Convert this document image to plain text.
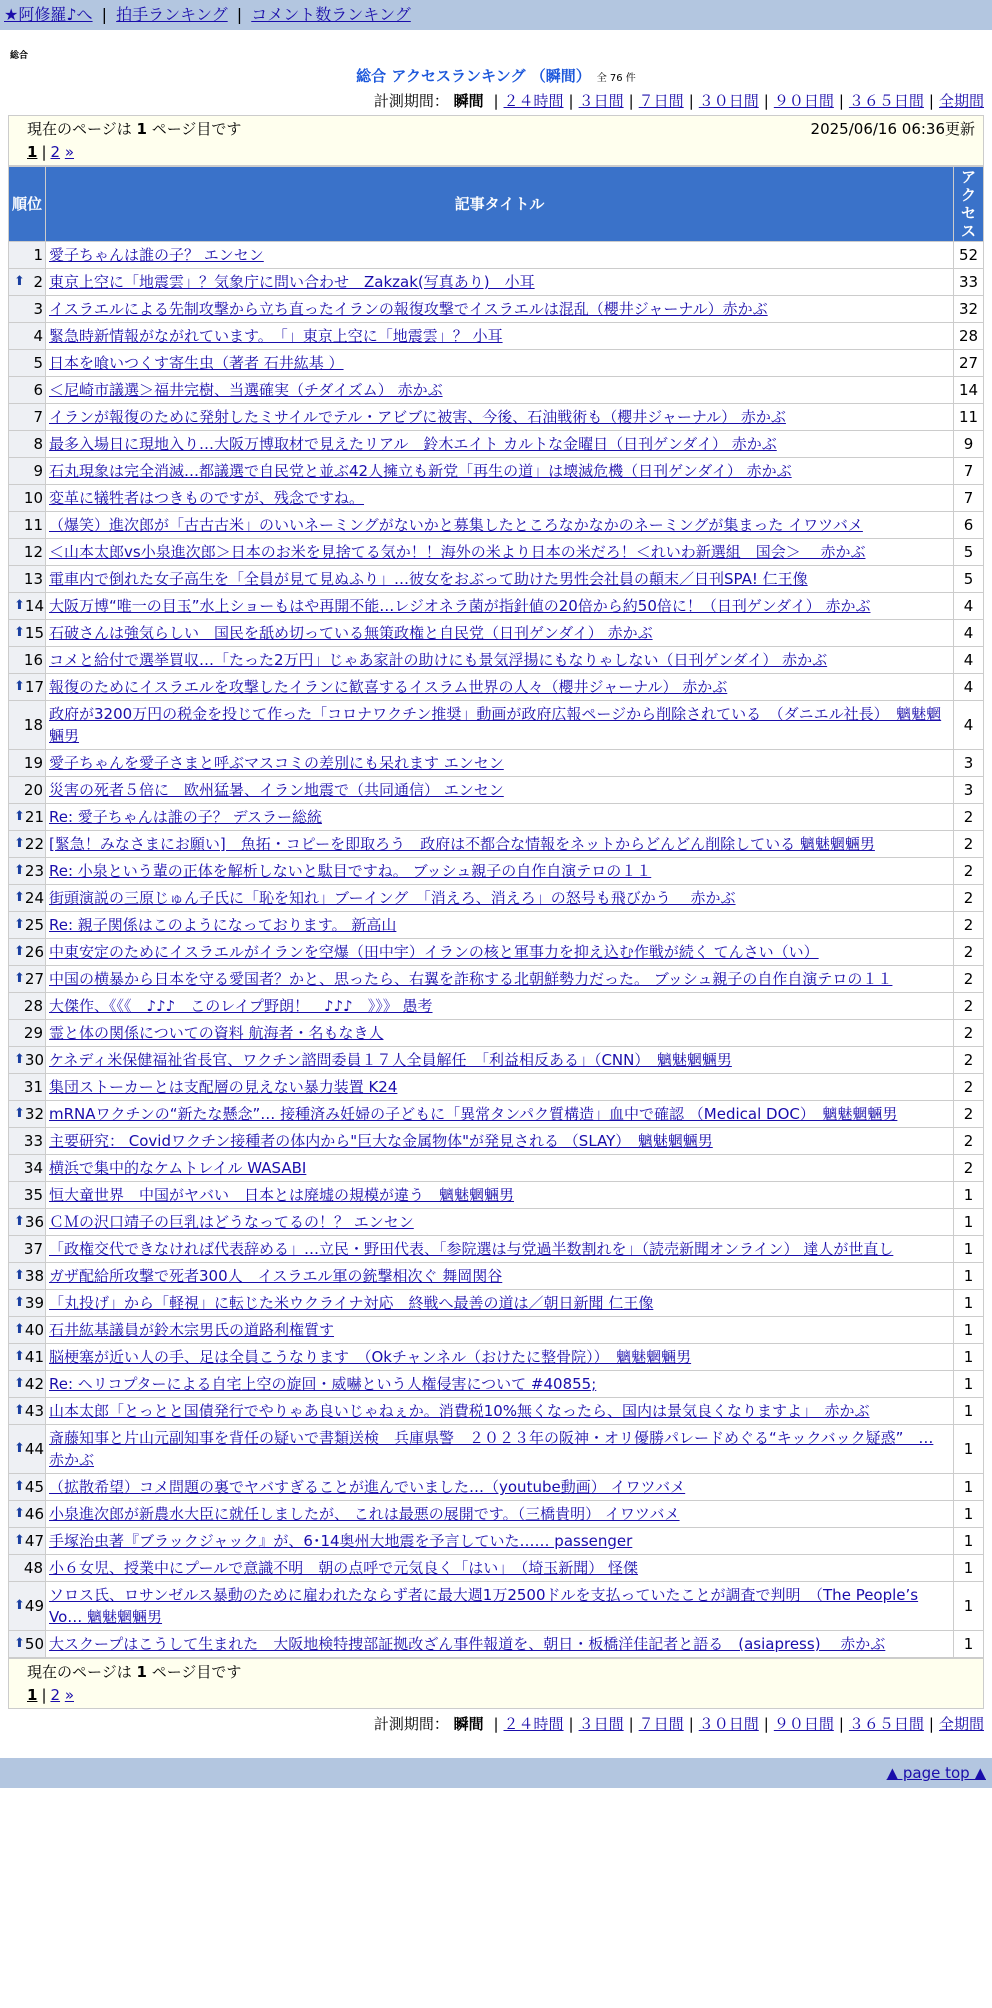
★阿修羅♪へ | 拍手ランキング | コメント数ランキング
総合
総合 アクセスランキング （瞬間） 全 76 件
計測期間： 瞬間 | ２４時間 | ３日間 | ７日間 | ３０日間 | ９０日間 | ３６５日間 | 全期間
現在のページは 1 ページ目です	2025/06/16 06:36更新
1 | 2 »
順位	記事タイトル	アクセス
1	愛子ちゃんは誰の子？ エンセン	52

⬆ 2	東京上空に「地震雲」？気象庁に問い合わせ　Zakzak(写真あり)　小耳	33
3	イスラエルによる先制攻撃から立ち直ったイランの報復攻撃でイスラエルは混乱（櫻井ジャーナル）赤かぶ	32
4	緊急時新情報がながれています。　「」東京上空に「地震雲」？ 小耳	28
5	日本を喰いつくす寄生虫（著者 石井紘基 ）	27
6	＜尼崎市議選＞福井完樹、当選確実（チダイズム） 赤かぶ	14
7	イランが報復のために発射したミサイルでテル・アビブに被害、今後、石油戦術も（櫻井ジャーナル） 赤かぶ	11
8	最多入場日に現地入り…大阪万博取材で見えたリアル　鈴木エイト カルトな金曜日（日刊ゲンダイ） 赤かぶ	9
9	石丸現象は完全消滅…都議選で自民党と並ぶ42人擁立も新党「再生の道」は壊滅危機（日刊ゲンダイ） 赤かぶ	7
10	変革に犠牲者はつきものですが、残念ですね。	7
11	（爆笑）進次郎が「古古古米」のいいネーミングがないかと募集したところなかなかのネーミングが集まった イワツバメ	6
12	＜山本太郎vs小泉進次郎＞日本のお米を見捨てる気か！！海外の米より日本の米だろ！＜れいわ新選組　国会＞　 赤かぶ	5
13	電車内で倒れた女子高生を「全員が見て見ぬふり」…彼女をおぶって助けた男性会社員の顛末／日刊SPA! 仁王像	5

⬆ 14	大阪万博“唯一の目玉”水上ショーもはや再開不能…レジオネラ菌が指針値の20倍から約50倍に！（日刊ゲンダイ） 赤かぶ	4

⬆ 15	石破さんは強気らしい　国民を舐め切っている無策政権と自民党（日刊ゲンダイ） 赤かぶ	4
16	コメと給付で選挙買収…「たった2万円」じゃあ家計の助けにも景気浮揚にもなりゃしない（日刊ゲンダイ） 赤かぶ	4

⬆ 17	報復のためにイスラエルを攻撃したイランに歓喜するイスラム世界の人々（櫻井ジャーナル） 赤かぶ	4
18	政府が3200万円の税金を投じて作った「コロナワクチン推奨」動画が政府広報ページから削除されている　（ダニエル社長）　魑魅魍魎男	4
19	愛子ちゃんを愛子さまと呼ぶマスコミの差別にも呆れます エンセン	3
20	災害の死者５倍に　欧州猛暑、イラン地震で（共同通信） エンセン	3

⬆ 21	Re: 愛子ちゃんは誰の子？ デスラー総統	2

⬆ 22	[緊急！みなさまにお願い]　魚拓・コピーを即取ろう　政府は不都合な情報をネットからどんどん削除している 魑魅魍魎男	2

⬆ 23	Re: 小泉という輩の正体を解析しないと駄目ですね。 ブッシュ親子の自作自演テロの１１	2

⬆ 24	街頭演説の三原じゅん子氏に「恥を知れ」ブーイング　「消えろ、消えろ」の怒号も飛びかう　 赤かぶ	2

⬆ 25	Re: 親子関係はこのようになっております。 新高山	2

⬆ 26	中東安定のためにイスラエルがイランを空爆（田中宇）イランの核と軍事力を抑え込む作戦が続く てんさい（い）	2

⬆ 27	中国の横暴から日本を守る愛国者？かと、思ったら、右翼を詐称する北朝鮮勢力だった。 ブッシュ親子の自作自演テロの１１	2
28	大傑作、《《《　♪♪♪　このレイプ野朗！　♪♪♪　》》》 愚考	2
29	霊と体の関係についての資料 航海者・名もなき人	2

⬆ 30	ケネディ米保健福祉省長官、ワクチン諮問委員１７人全員解任　「利益相反ある」（CNN）　魑魅魍魎男	2
31	集団ストーカーとは支配層の見えない暴力装置 K24	2

⬆ 32	mRNAワクチンの“新たな懸念”… 接種済み妊婦の子どもに「異常タンパク質構造」血中で確認 （Medical DOC）　魑魅魍魎男	2
33	主要研究： Covidワクチン接種者の体内から"巨大な金属物体"が発見される （SLAY）　魑魅魍魎男	2
34	横浜で集中的なケムトレイル WASABI	2
35	恒大童世界　中国がヤバい　日本とは廃墟の規模が違う　魑魅魍魎男	1

⬆ 36	ＣＭの沢口靖子の巨乳はどうなってるの！？ エンセン	1
37	「政権交代できなければ代表辞める」…立民・野田代表、「参院選は与党過半数割れを」（読売新聞オンライン） 達人が世直し	1

⬆ 38	ガザ配給所攻撃で死者300人　イスラエル軍の銃撃相次ぐ 舞岡関谷	1

⬆ 39	「丸投げ」から「軽視」に転じた米ウクライナ対応　終戦へ最善の道は／朝日新聞 仁王像	1

⬆ 40	石井紘基議員が鈴木宗男氏の道路利権質す	1

⬆ 41	脳梗塞が近い人の手、足は全員こうなります　（Okチャンネル（おけたに整骨院））　魑魅魍魎男	1

⬆ 42	Re: ヘリコプターによる自宅上空の旋回・威嚇という人権侵害について #40855;	1

⬆ 43	山本太郎「とっとと国債発行でやりゃあ良いじゃねぇか。消費税10%無くなったら、国内は景気良くなりますよ」　赤かぶ	1

⬆ 44	斎藤知事と片山元副知事を背任の疑いで書類送検　兵庫県警　２０２３年の阪神・オリ優勝パレードめぐる“キックバック疑惑”　… 赤かぶ	1

⬆ 45	（拡散希望）コメ問題の裏でヤバすぎることが進んでいました…（youtube動画） イワツバメ	1

⬆ 46	小泉進次郎が新農水大臣に就任しましたが、 これは最悪の展開です。（三橋貴明） イワツバメ	1

⬆ 47	手塚治虫著『ブラックジャック』が、6･14奥州大地震を予言していた…… passenger	1
48	小６女児、授業中にプールで意識不明　朝の点呼で元気良く「はい」　（埼玉新聞） 怪傑	1

⬆ 49	ソロス氏、ロサンゼルス暴動のために雇われたならず者に最大週1万2500ドルを支払っていたことが調査で判明　（The People’s Vo… 魑魅魍魎男	1

⬆ 50	大スクープはこうして生まれた　大阪地検特捜部証拠改ざん事件報道を、朝日・板橋洋佳記者と語る　(asiapress)　 赤かぶ	1
現在のページは 1 ページ目です
1 | 2 »
計測期間： 瞬間 | ２４時間 | ３日間 | ７日間 | ３０日間 | ９０日間 | ３６５日間 | 全期間
▲ page top ▲
